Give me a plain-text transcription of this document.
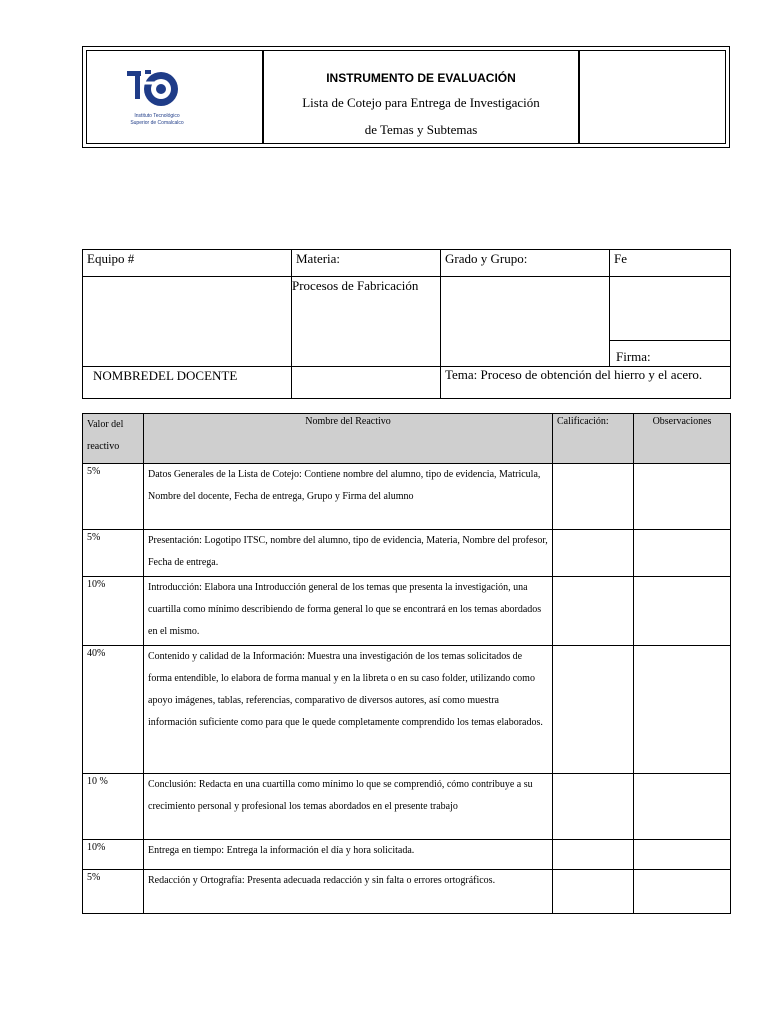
Instituto Tecnológico
Superior de Comalcalco
INSTRUMENTO DE EVALUACIÓN
Lista de Cotejo para Entrega de Investigación
de Temas y Subtemas
Equipo #	Materia:	Grado y Grupo:	Fe
	Procesos de Fabricación		
			Firma:
NOMBREDEL DOCENTE		Tema: Proceso de obtención del hierro y el acero.	
Valor del reactivo	Nombre del Reactivo	Calificación:	Observaciones
5%	Datos Generales de la Lista de Cotejo: Contiene nombre del alumno, tipo de evidencia, Matricula, Nombre del docente, Fecha de entrega, Grupo y Firma del alumno		
5%	Presentación: Logotipo ITSC, nombre del alumno, tipo de evidencia, Materia, Nombre del profesor, Fecha de entrega.		
10%	Introducción: Elabora una Introducción general de los temas que presenta la investigación, una cuartilla como mínimo describiendo de forma general lo que se encontrará en los temas abordados en el mismo.		
40%	Contenido y calidad de la Información: Muestra una investigación de los temas solicitados de forma entendible, lo elabora de forma manual y en la libreta o en su caso folder, utilizando como apoyo imágenes, tablas, referencias, comparativo de diversos autores, así como muestra información suficiente como para que le quede completamente comprendido los temas elaborados.		
10 %	Conclusión: Redacta en una cuartilla como mínimo lo que se comprendió, cómo contribuye a su crecimiento personal y profesional los temas abordados en el presente trabajo		
10%	Entrega en tiempo: Entrega la información el día y hora solicitada.		
5%	Redacción y Ortografía: Presenta adecuada redacción y sin falta o errores ortográficos.		
